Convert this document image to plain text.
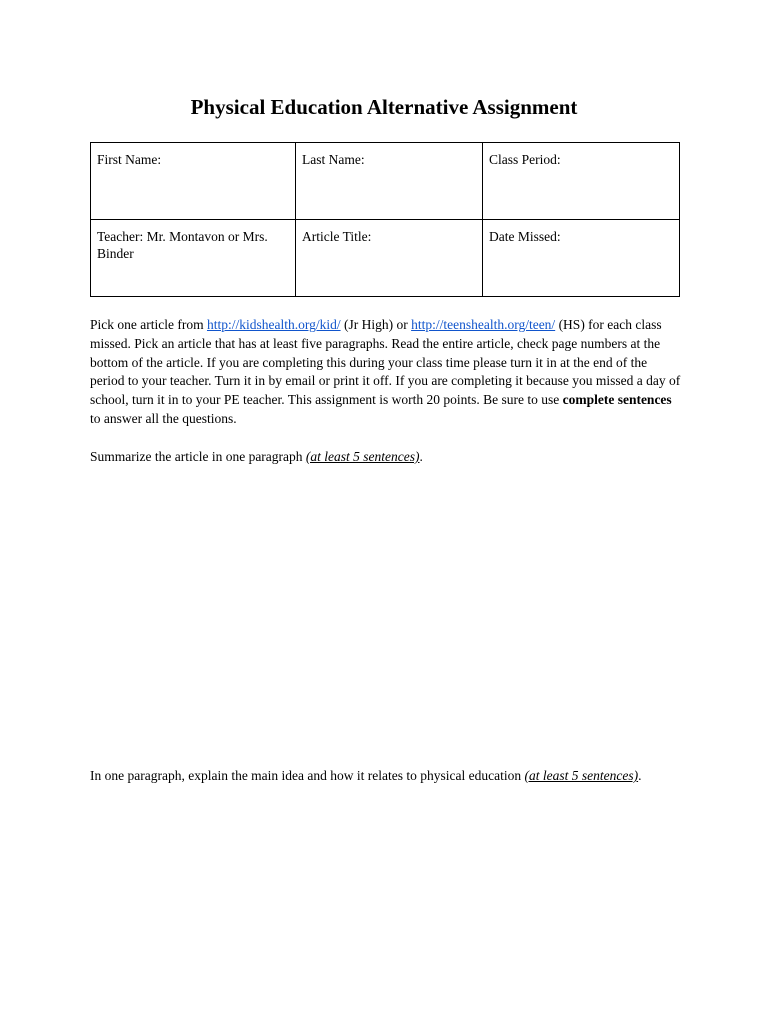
Physical Education Alternative Assignment
First Name:	Last Name:	Class Period:
Teacher: Mr. Montavon or Mrs. Binder	Article Title:	Date Missed:

Pick one article from http://kidshealth.org/kid/ (Jr High) or http://teenshealth.org/teen/ (HS) for each class missed. Pick an article that has at least five paragraphs. Read the entire article, check page numbers at the bottom of the article. If you are completing this during your class time please turn it in at the end of the period to your teacher. Turn it in by email or print it off. If you are completing it because you missed a day of school, turn it in to your PE teacher. This assignment is worth 20 points. Be sure to use complete sentences to answer all the questions.

Summarize the article in one paragraph (at least 5 sentences).

In one paragraph, explain the main idea and how it relates to physical education (at least 5 sentences).
